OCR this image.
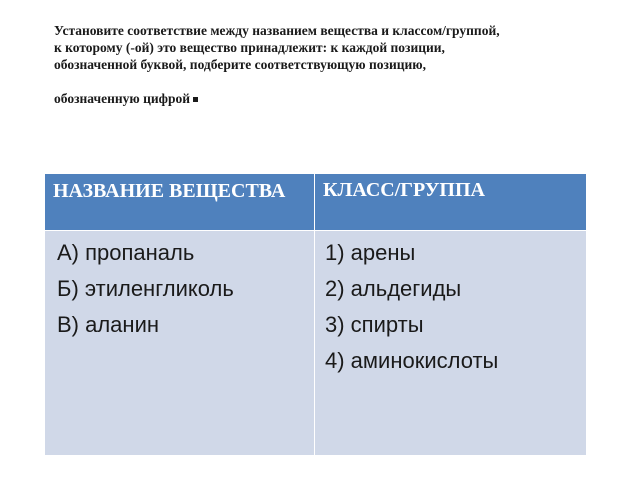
Установите соответствие между названием вещества и классом/группой,
к которому (-ой) это вещество принадлежит: к каждой позиции,
обозначенной буквой, подберите соответствующую позицию,
обозначенную цифрой
НАЗВАНИЕ ВЕЩЕСТВА	КЛАСС/ГРУППА

А) пропаналь
Б) этиленгликоль
В) аланин	1) арены
2) альдегиды
3) спирты
4) аминокислоты
